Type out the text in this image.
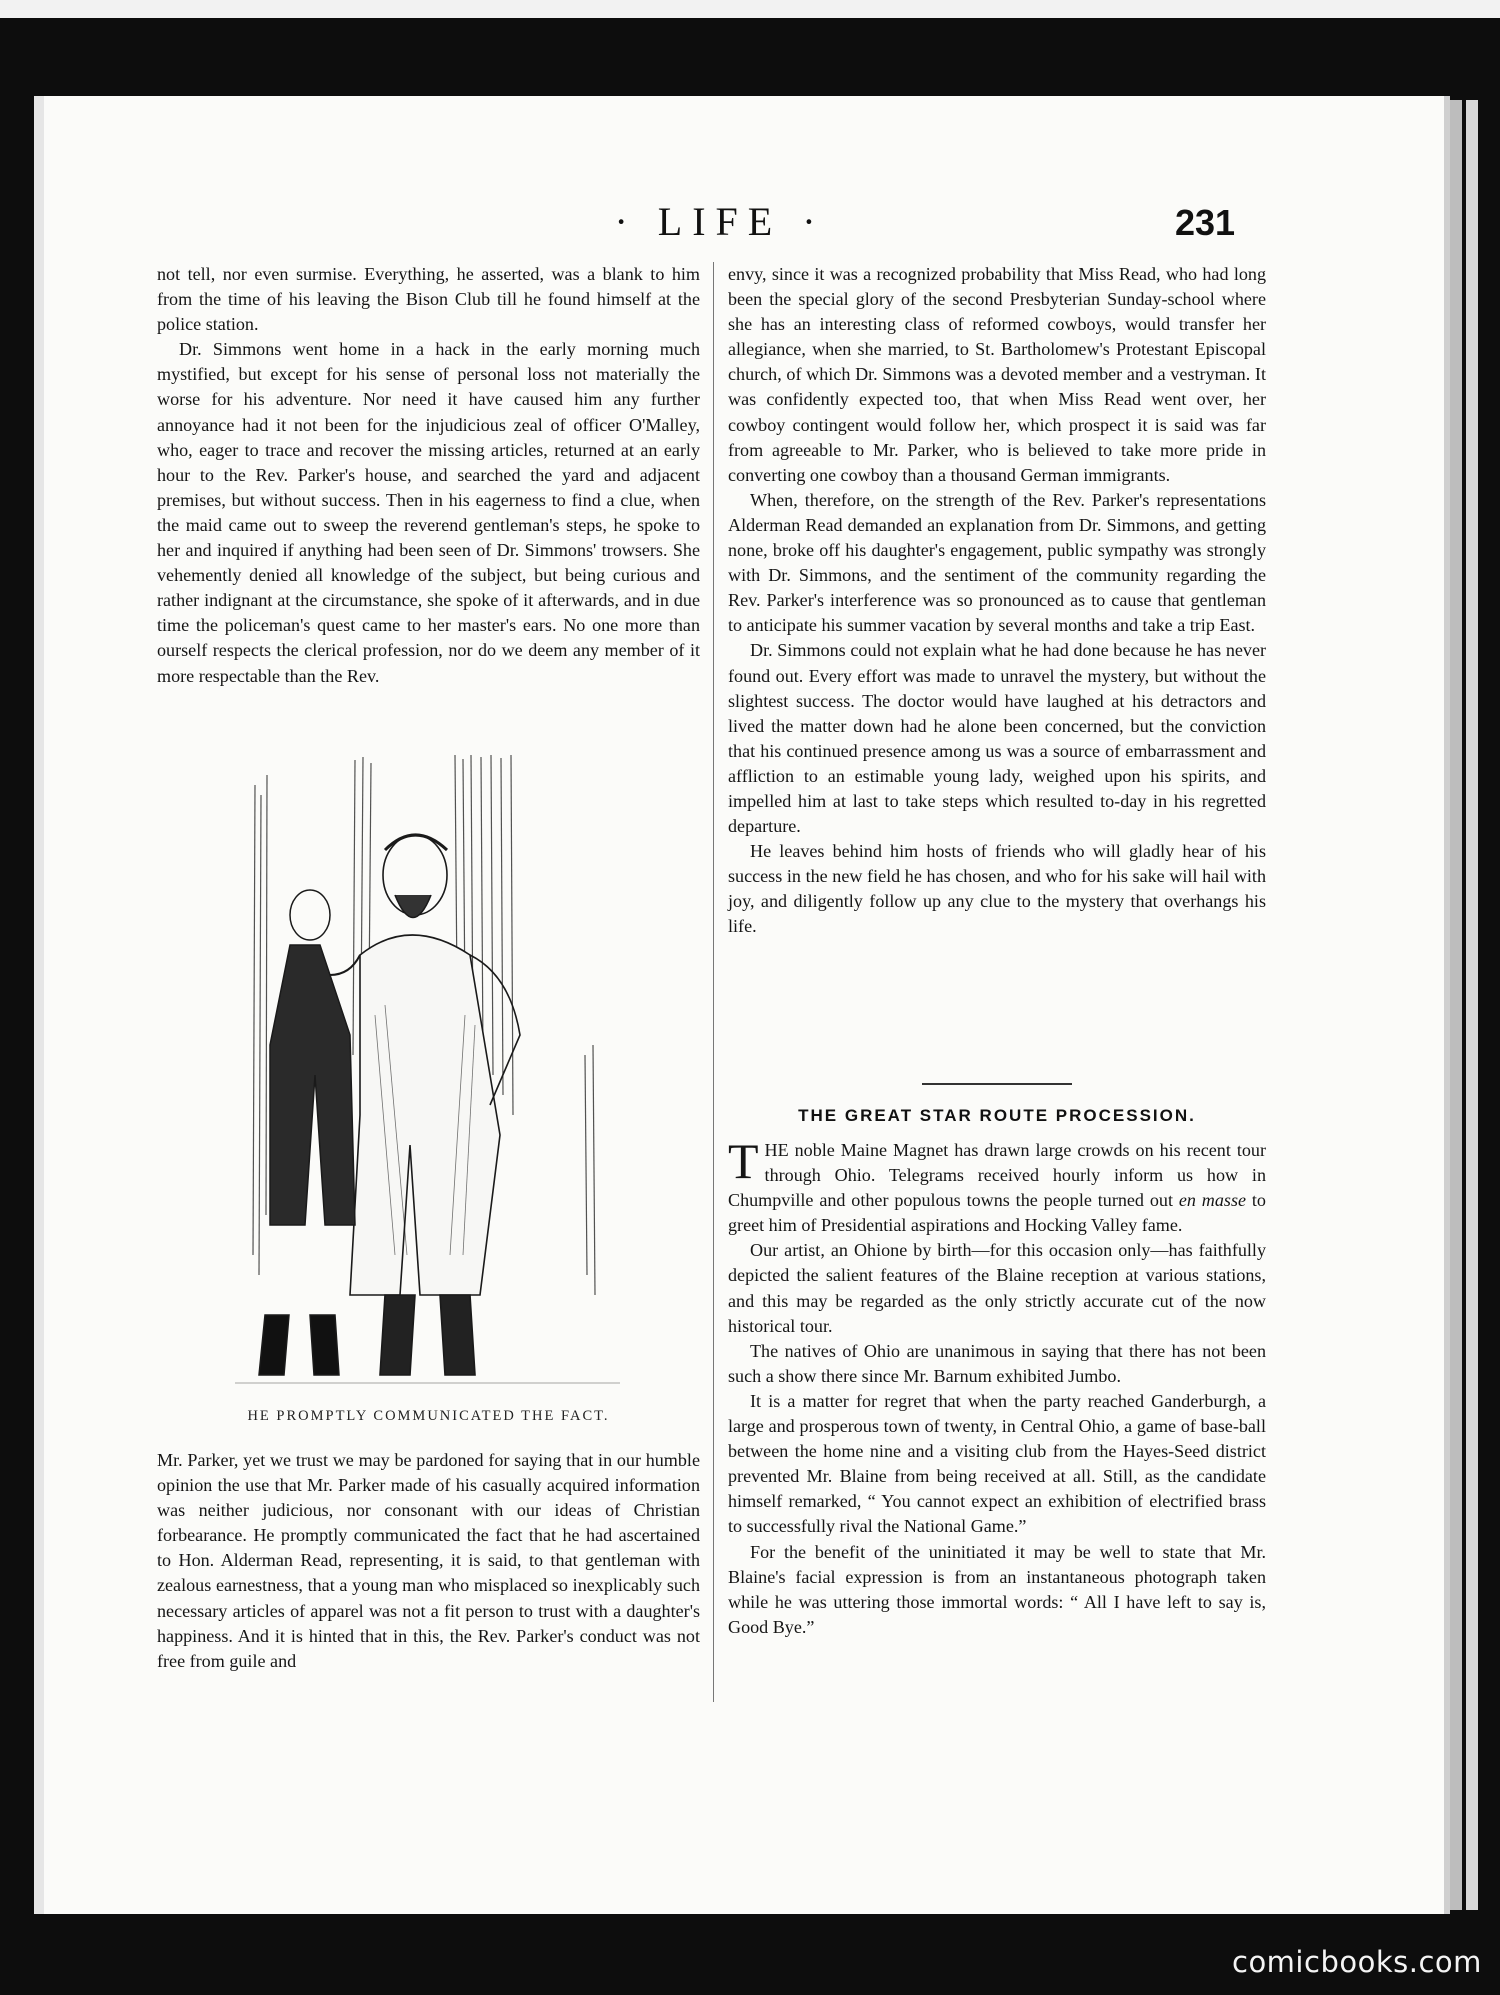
· LIFE ·	231

not tell, nor even surmise. Everything, he asserted, was a blank to him from the time of his leaving the Bison Club till he found himself at the police station.

Dr. Simmons went home in a hack in the early morning much mystified, but except for his sense of personal loss not materially the worse for his adventure. Nor need it have caused him any further annoyance had it not been for the injudicious zeal of officer O'Malley, who, eager to trace and recover the missing articles, returned at an early hour to the Rev. Parker's house, and searched the yard and adjacent premises, but without success. Then in his eagerness to find a clue, when the maid came out to sweep the reverend gentleman's steps, he spoke to her and inquired if anything had been seen of Dr. Simmons' trowsers. She vehemently denied all knowledge of the subject, but being curious and rather indignant at the circumstance, she spoke of it afterwards, and in due time the policeman's quest came to her master's ears. No one more than ourself respects the clerical profession, nor do we deem any member of it more respectable than the Rev.

HE PROMPTLY COMMUNICATED THE FACT.

Mr. Parker, yet we trust we may be pardoned for saying that in our humble opinion the use that Mr. Parker made of his casually acquired information was neither judicious, nor consonant with our ideas of Christian forbearance. He promptly communicated the fact that he had ascertained to Hon. Alderman Read, representing, it is said, to that gentleman with zealous earnestness, that a young man who misplaced so inexplicably such necessary articles of apparel was not a fit person to trust with a daughter's happiness. And it is hinted that in this, the Rev. Parker's conduct was not free from guile and

envy, since it was a recognized probability that Miss Read, who had long been the special glory of the second Presbyterian Sunday-school where she has an interesting class of reformed cowboys, would transfer her allegiance, when she married, to St. Bartholomew's Protestant Episcopal church, of which Dr. Simmons was a devoted member and a vestryman. It was confidently expected too, that when Miss Read went over, her cowboy contingent would follow her, which prospect it is said was far from agreeable to Mr. Parker, who is believed to take more pride in converting one cowboy than a thousand German immigrants.

When, therefore, on the strength of the Rev. Parker's representations Alderman Read demanded an explanation from Dr. Simmons, and getting none, broke off his daughter's engagement, public sympathy was strongly with Dr. Simmons, and the sentiment of the community regarding the Rev. Parker's interference was so pronounced as to cause that gentleman to anticipate his summer vacation by several months and take a trip East.

Dr. Simmons could not explain what he had done because he has never found out. Every effort was made to unravel the mystery, but without the slightest success. The doctor would have laughed at his detractors and lived the matter down had he alone been concerned, but the conviction that his continued presence among us was a source of embarrassment and affliction to an estimable young lady, weighed upon his spirits, and impelled him at last to take steps which resulted to-day in his regretted departure.

He leaves behind him hosts of friends who will gladly hear of his success in the new field he has chosen, and who for his sake will hail with joy, and diligently follow up any clue to the mystery that overhangs his life.

THE GREAT STAR ROUTE PROCESSION.

THE noble Maine Magnet has drawn large crowds on his recent tour through Ohio. Telegrams received hourly inform us how in Chumpville and other populous towns the people turned out en masse to greet him of Presidential aspirations and Hocking Valley fame.

Our artist, an Ohione by birth—for this occasion only—has faithfully depicted the salient features of the Blaine reception at various stations, and this may be regarded as the only strictly accurate cut of the now historical tour.

The natives of Ohio are unanimous in saying that there has not been such a show there since Mr. Barnum exhibited Jumbo.

It is a matter for regret that when the party reached Ganderburgh, a large and prosperous town of twenty, in Central Ohio, a game of base-ball between the home nine and a visiting club from the Hayes-Seed district prevented Mr. Blaine from being received at all. Still, as the candidate himself remarked, “ You cannot expect an exhibition of electrified brass to successfully rival the National Game.”

For the benefit of the uninitiated it may be well to state that Mr. Blaine's facial expression is from an instantaneous photograph taken while he was uttering those immortal words: “ All I have left to say is, Good Bye.”

comicbooks.com
